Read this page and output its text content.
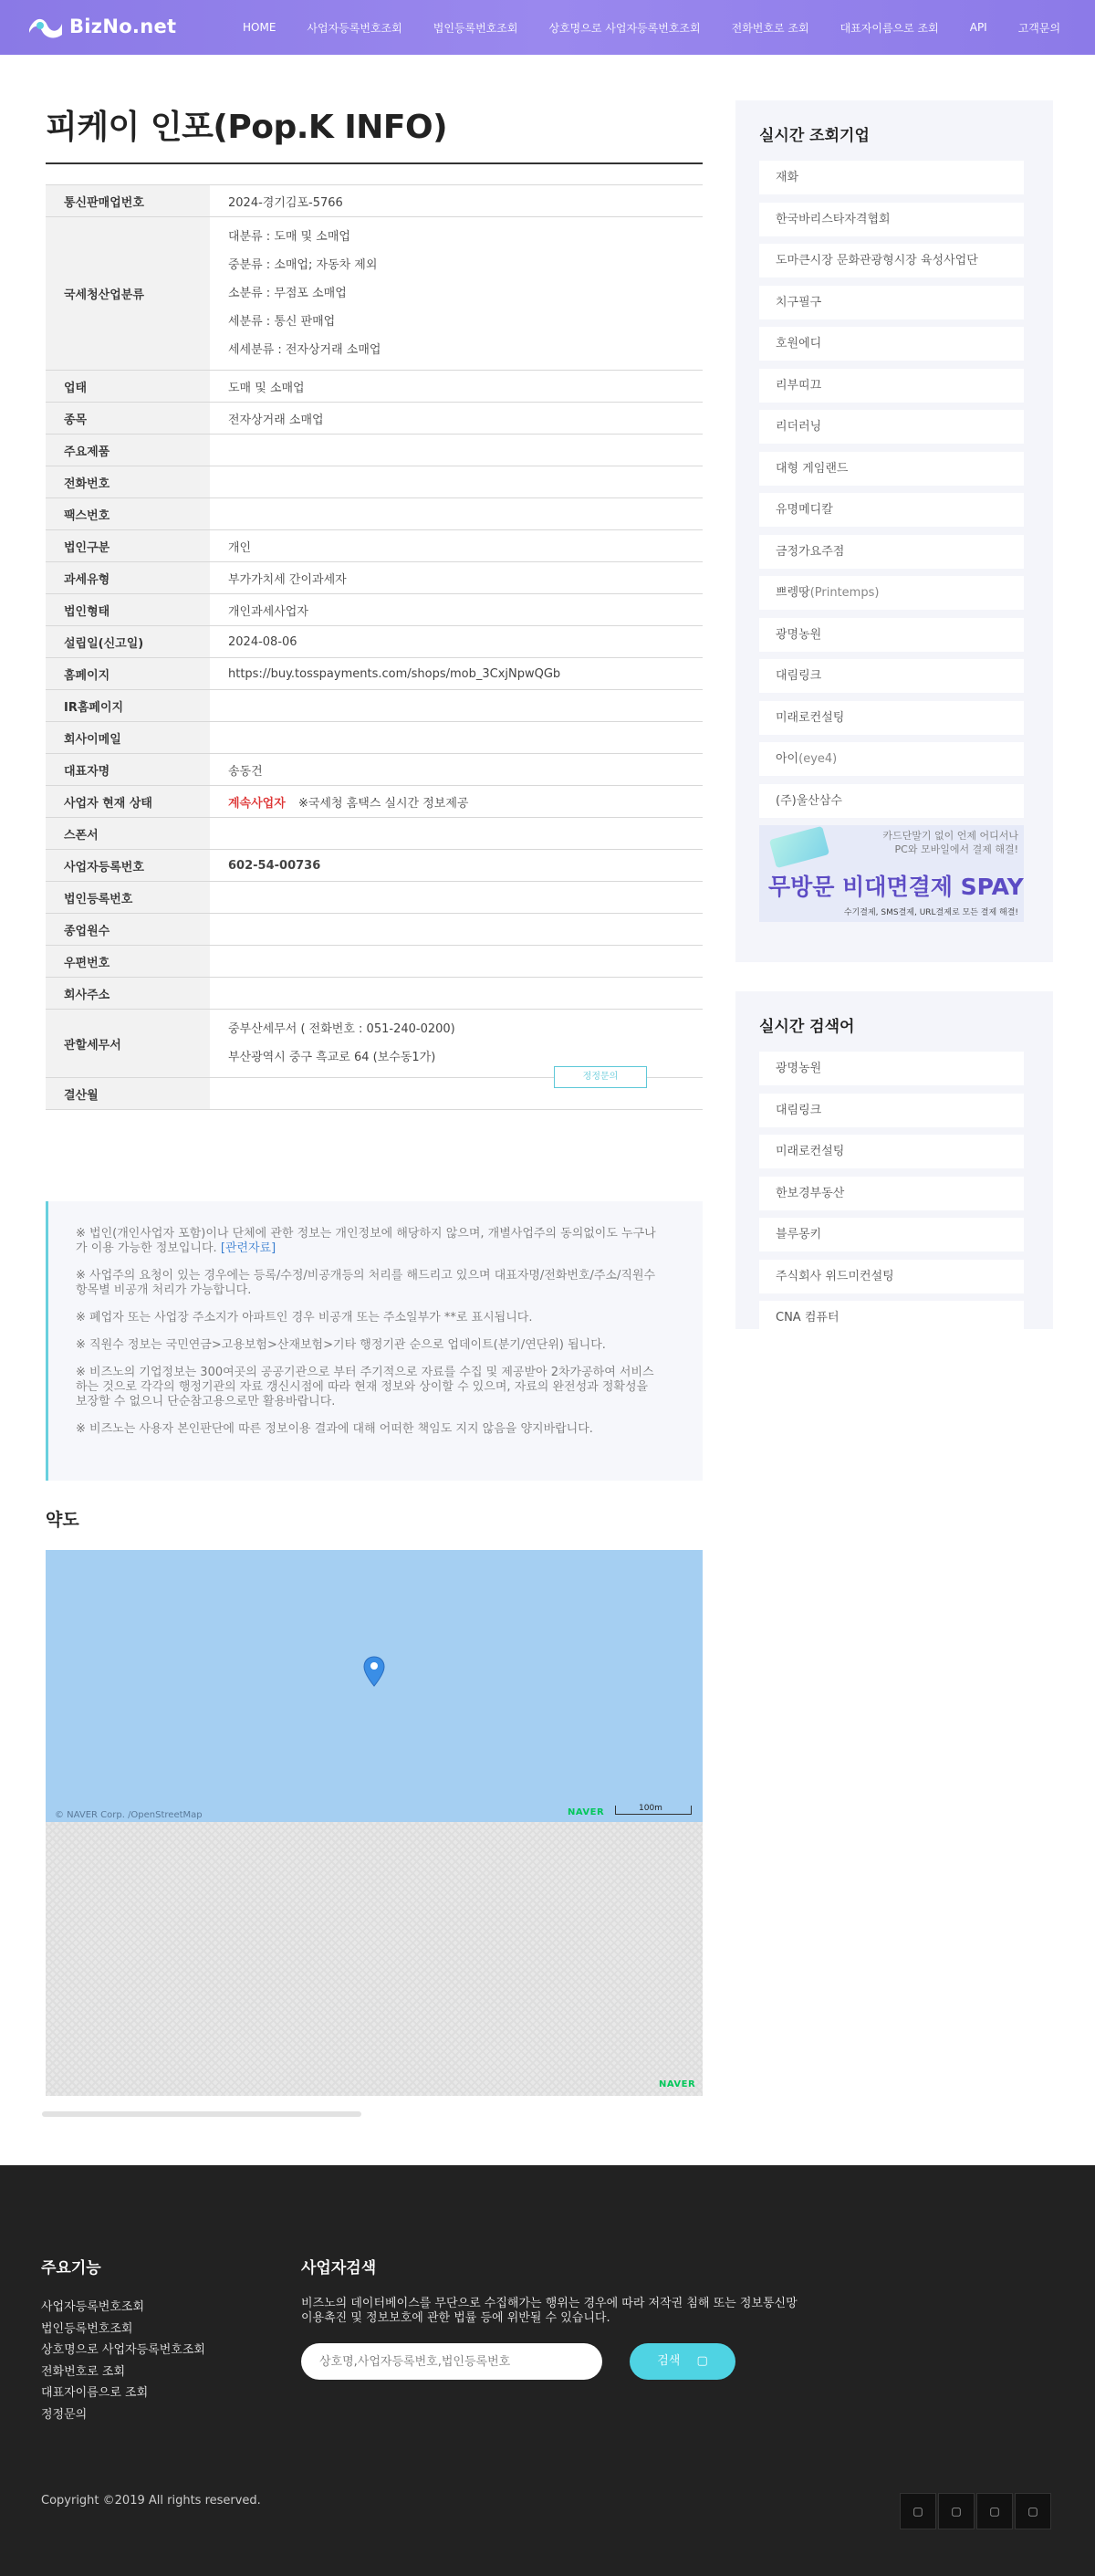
BizNo.net	HOME	사업자등록번호조회	법인등록번호조회	상호명으로 사업자등록번호조회	전화번호로 조회	대표자이름으로 조회	API	고객문의
피케이 인포(Pop.K INFO)
통신판매업번호	2024-경기김포-5766
국세청산업분류	대분류 : 도매 및 소매업
중분류 : 소매업; 자동차 제외
소분류 : 무점포 소매업
세분류 : 통신 판매업
세세분류 : 전자상거래 소매업

업태	도매 및 소매업
종목	전자상거래 소매업
주요제품	
전화번호	
팩스번호	
법인구분	개인
과세유형	부가가치세 간이과세자
법인형태	개인과세사업자
설립일(신고일)	2024-08-06
홈페이지	https://buy.tosspayments.com/shops/mob_3CxjNpwQGb
IR홈페이지	
회사이메일	
대표자명	송동건
사업자 현재 상태	계속사업자 ※국세청 홈택스 실시간 정보제공
스폰서	
사업자등록번호	602-54-00736
법인등록번호	
종업원수	
우편번호	
회사주소	
관할세무서	중부산세무서 ( 전화번호 : 051-240-0200)
부산광역시 중구 흑교로 64 (보수동1가)

결산월	
정정문의

※ 법인(개인사업자 포함)이나 단체에 관한 정보는 개인정보에 해당하지 않으며, 개별사업주의 동의없이도 누구나가 이용 가능한 정보입니다. [관련자료]

※ 사업주의 요청이 있는 경우에는 등록/수정/비공개등의 처리를 해드리고 있으며 대표자명/전화번호/주소/직원수 항목별 비공개 처리가 가능합니다.

※ 폐업자 또는 사업장 주소지가 아파트인 경우 비공개 또는 주소일부가 **로 표시됩니다.

※ 직원수 정보는 국민연금>고용보험>산재보험>기타 행정기관 순으로 업데이트(분기/연단위) 됩니다.

※ 비즈노의 기업정보는 300여곳의 공공기관으로 부터 주기적으로 자료를 수집 및 제공받아 2차가공하여 서비스하는 것으로 각각의 행정기관의 자료 갱신시점에 따라 현재 정보와 상이할 수 있으며, 자료의 완전성과 정확성을 보장할 수 없으니 단순참고용으로만 활용바랍니다.

※ 비즈노는 사용자 본인판단에 따른 정보이용 결과에 대해 어떠한 책임도 지지 않음을 양지바랍니다.

약도
© NAVER Corp. /OpenStreetMap	NAVER	100m
NAVER
실시간 조회기업
재화
한국바리스타자격협회
도마큰시장 문화관광형시장 육성사업단
치구필구
호원에디
리부띠끄
리더러닝
대형 게임랜드
유명메디칼
금정가요주점
쁘렝땅(Printemps)
광명농원
대림링크
미래로컨설팅
아이(eye4)
(주)울산삼수
카드단말기 없이 언제 어디서나
PC와 모바일에서 결제 해결!
무방문 비대면결제 SPAY
수기결제, SMS결제, URL결제로 모든 결제 해결!
실시간 검색어
광명농원
대림링크
미래로컨설팅
한보경부동산
블루몽키
주식회사 위드미컨설팅
CNA 컴퓨터
주요기능
사업자등록번호조회
법인등록번호조회
상호명으로 사업자등록번호조회
전화번호로 조회
대표자이름으로 조회
정정문의
사업자검색
비즈노의 데이터베이스를 무단으로 수집해가는 행위는 경우에 따라 저작권 침해 또는 정보통신망 이용촉진 및 정보보호에 관한 법률 등에 위반될 수 있습니다.
상호명,사업자등록번호,법인등록번호
검색 ▢
Copyright ©2019 All rights reserved.
▢	▢	▢	▢
